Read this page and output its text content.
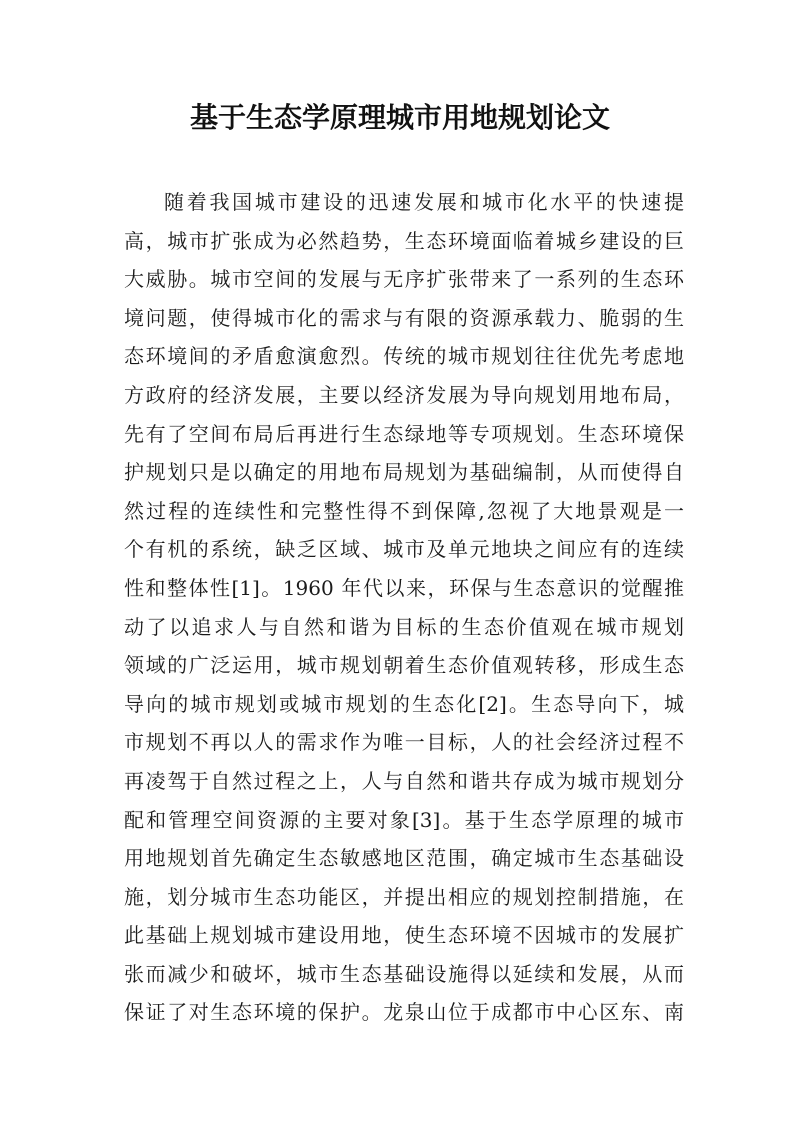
基于生态学原理城市用地规划论文
随着我国城市建设的迅速发展和城市化水平的快速提
高，城市扩张成为必然趋势，生态环境面临着城乡建设的巨
大威胁。城市空间的发展与无序扩张带来了一系列的生态环
境问题，使得城市化的需求与有限的资源承载力、脆弱的生
态环境间的矛盾愈演愈烈。传统的城市规划往往优先考虑地
方政府的经济发展，主要以经济发展为导向规划用地布局，
先有了空间布局后再进行生态绿地等专项规划。生态环境保
护规划只是以确定的用地布局规划为基础编制，从而使得自
然过程的连续性和完整性得不到保障,忽视了大地景观是一
个有机的系统，缺乏区域、城市及单元地块之间应有的连续
性和整体性[1]。1960 年代以来，环保与生态意识的觉醒推
动了以追求人与自然和谐为目标的生态价值观在城市规划
领域的广泛运用，城市规划朝着生态价值观转移，形成生态
导向的城市规划或城市规划的生态化[2]。生态导向下，城
市规划不再以人的需求作为唯一目标，人的社会经济过程不
再凌驾于自然过程之上，人与自然和谐共存成为城市规划分
配和管理空间资源的主要对象[3]。基于生态学原理的城市
用地规划首先确定生态敏感地区范围，确定城市生态基础设
施，划分城市生态功能区，并提出相应的规划控制措施，在
此基础上规划城市建设用地，使生态环境不因城市的发展扩
张而减少和破坏，城市生态基础设施得以延续和发展，从而
保证了对生态环境的保护。龙泉山位于成都市中心区东、南
